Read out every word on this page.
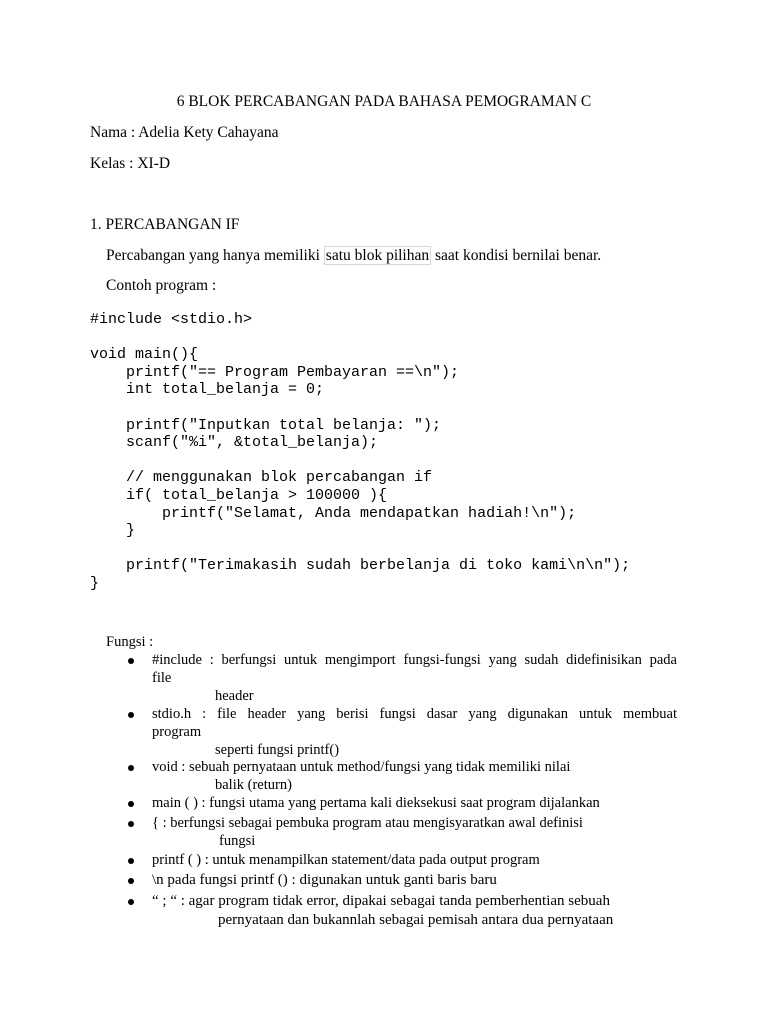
6 BLOK PERCABANGAN PADA BAHASA PEMOGRAMAN C
Nama : Adelia Kety Cahayana
Kelas : XI-D
1. PERCABANGAN IF
Percabangan yang hanya memiliki satu blok pilihan saat kondisi bernilai benar.
Contoh program :
#include <stdio.h>
void main(){
printf("== Program Pembayaran ==\n");
int total_belanja = 0;
printf("Inputkan total belanja: ");
scanf("%i", &total_belanja);
// menggunakan blok percabangan if
if( total_belanja > 100000 ){
printf("Selamat, Anda mendapatkan hadiah!\n");
}
printf("Terimakasih sudah berbelanja di toko kami\n\n");
}
Fungsi :
#include : berfungsi untuk mengimport fungsi-fungsi yang sudah didefinisikan pada
file
header
stdio.h : file header yang berisi fungsi dasar yang digunakan untuk membuat
program
seperti fungsi printf()
void : sebuah pernyataan untuk method/fungsi yang tidak memiliki nilai
balik (return)
main ( ) : fungsi utama yang pertama kali dieksekusi saat program dijalankan
{ : berfungsi sebagai pembuka program atau mengisyaratkan awal definisi
fungsi
printf ( ) : untuk menampilkan statement/data pada output program
\n pada fungsi printf () : digunakan untuk ganti baris baru
“ ; “ : agar program tidak error, dipakai sebagai tanda pemberhentian sebuah
pernyataan dan bukannlah sebagai pemisah antara dua pernyataan
